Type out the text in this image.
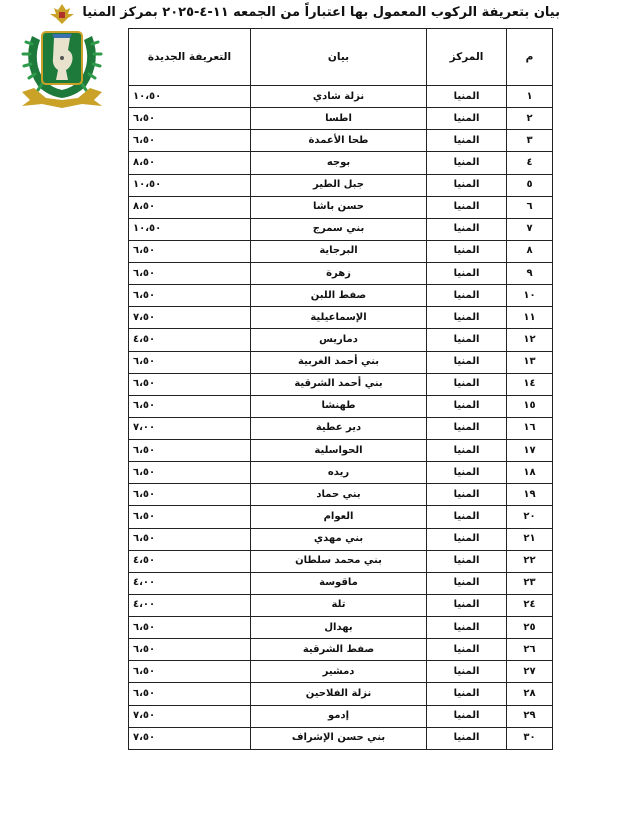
بيان بتعريفة الركوب المعمول بها اعتباراً من الجمعه ١١-٤-٢٠٢٥ بمركز المنيا
م	المركز	بيان	التعريفة الجديدة
١	المنيا	نزلة شادي	١٠،٥٠
٢	المنيا	اطسا	٦،٥٠
٣	المنيا	طحا الأعمدة	٦،٥٠
٤	المنيا	بوجه	٨،٥٠
٥	المنيا	جبل الطير	١٠،٥٠
٦	المنيا	حسن باشا	٨،٥٠
٧	المنيا	بني سمرج	١٠،٥٠
٨	المنيا	البرجاية	٦،٥٠
٩	المنيا	زهرة	٦،٥٠
١٠	المنيا	صفط اللبن	٦،٥٠
١١	المنيا	الإسماعيلية	٧،٥٠
١٢	المنيا	دماريس	٤،٥٠
١٣	المنيا	بني أحمد الغربية	٦،٥٠
١٤	المنيا	بني أحمد الشرقية	٦،٥٠
١٥	المنيا	طهنشا	٦،٥٠
١٦	المنيا	دير عطية	٧،٠٠
١٧	المنيا	الحواسلية	٦،٥٠
١٨	المنيا	ريده	٦،٥٠
١٩	المنيا	بني حماد	٦،٥٠
٢٠	المنيا	العوام	٦،٥٠
٢١	المنيا	بني مهدي	٦،٥٠
٢٢	المنيا	بني محمد سلطان	٤،٥٠
٢٣	المنيا	ماقوسة	٤،٠٠
٢٤	المنيا	تلة	٤،٠٠
٢٥	المنيا	بهدال	٦،٥٠
٢٦	المنيا	صفط الشرقية	٦،٥٠
٢٧	المنيا	دمشير	٦،٥٠
٢٨	المنيا	نزلة الفلاحين	٦،٥٠
٢٩	المنيا	إدمو	٧،٥٠
٣٠	المنيا	بني حسن الإشراف	٧،٥٠
